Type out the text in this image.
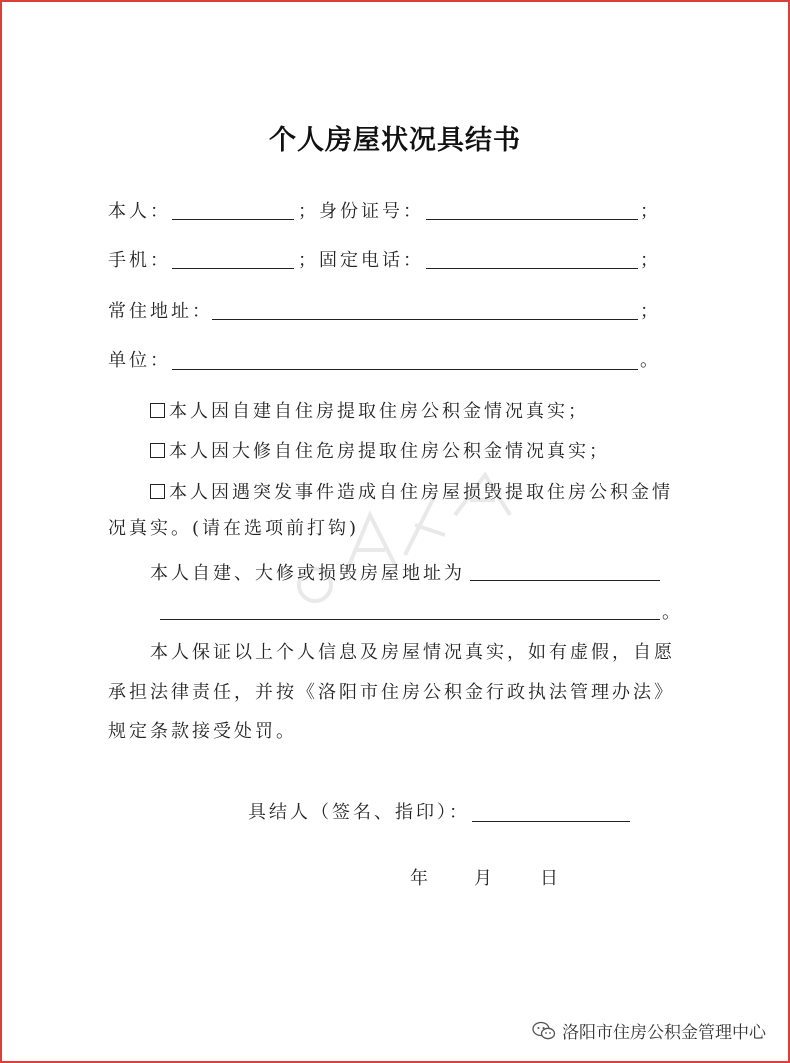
个人房屋状况具结书
本人：	；身份证号：	；
手机：	；固定电话：	；
常住地址：	；
单位：	。
本人因自建自住房提取住房公积金情况真实；
本人因大修自住危房提取住房公积金情况真实；
本人因遇突发事件造成自住房屋损毁提取住房公积金情
况真实。(请在选项前打钩)
本人自建、大修或损毁房屋地址为
。
本人保证以上个人信息及房屋情况真实，如有虚假，自愿
承担法律责任，并按《洛阳市住房公积金行政执法管理办法》
规定条款接受处罚。
具结人（签名、指印）：
年 月	日
洛阳市住房公积金管理中心
